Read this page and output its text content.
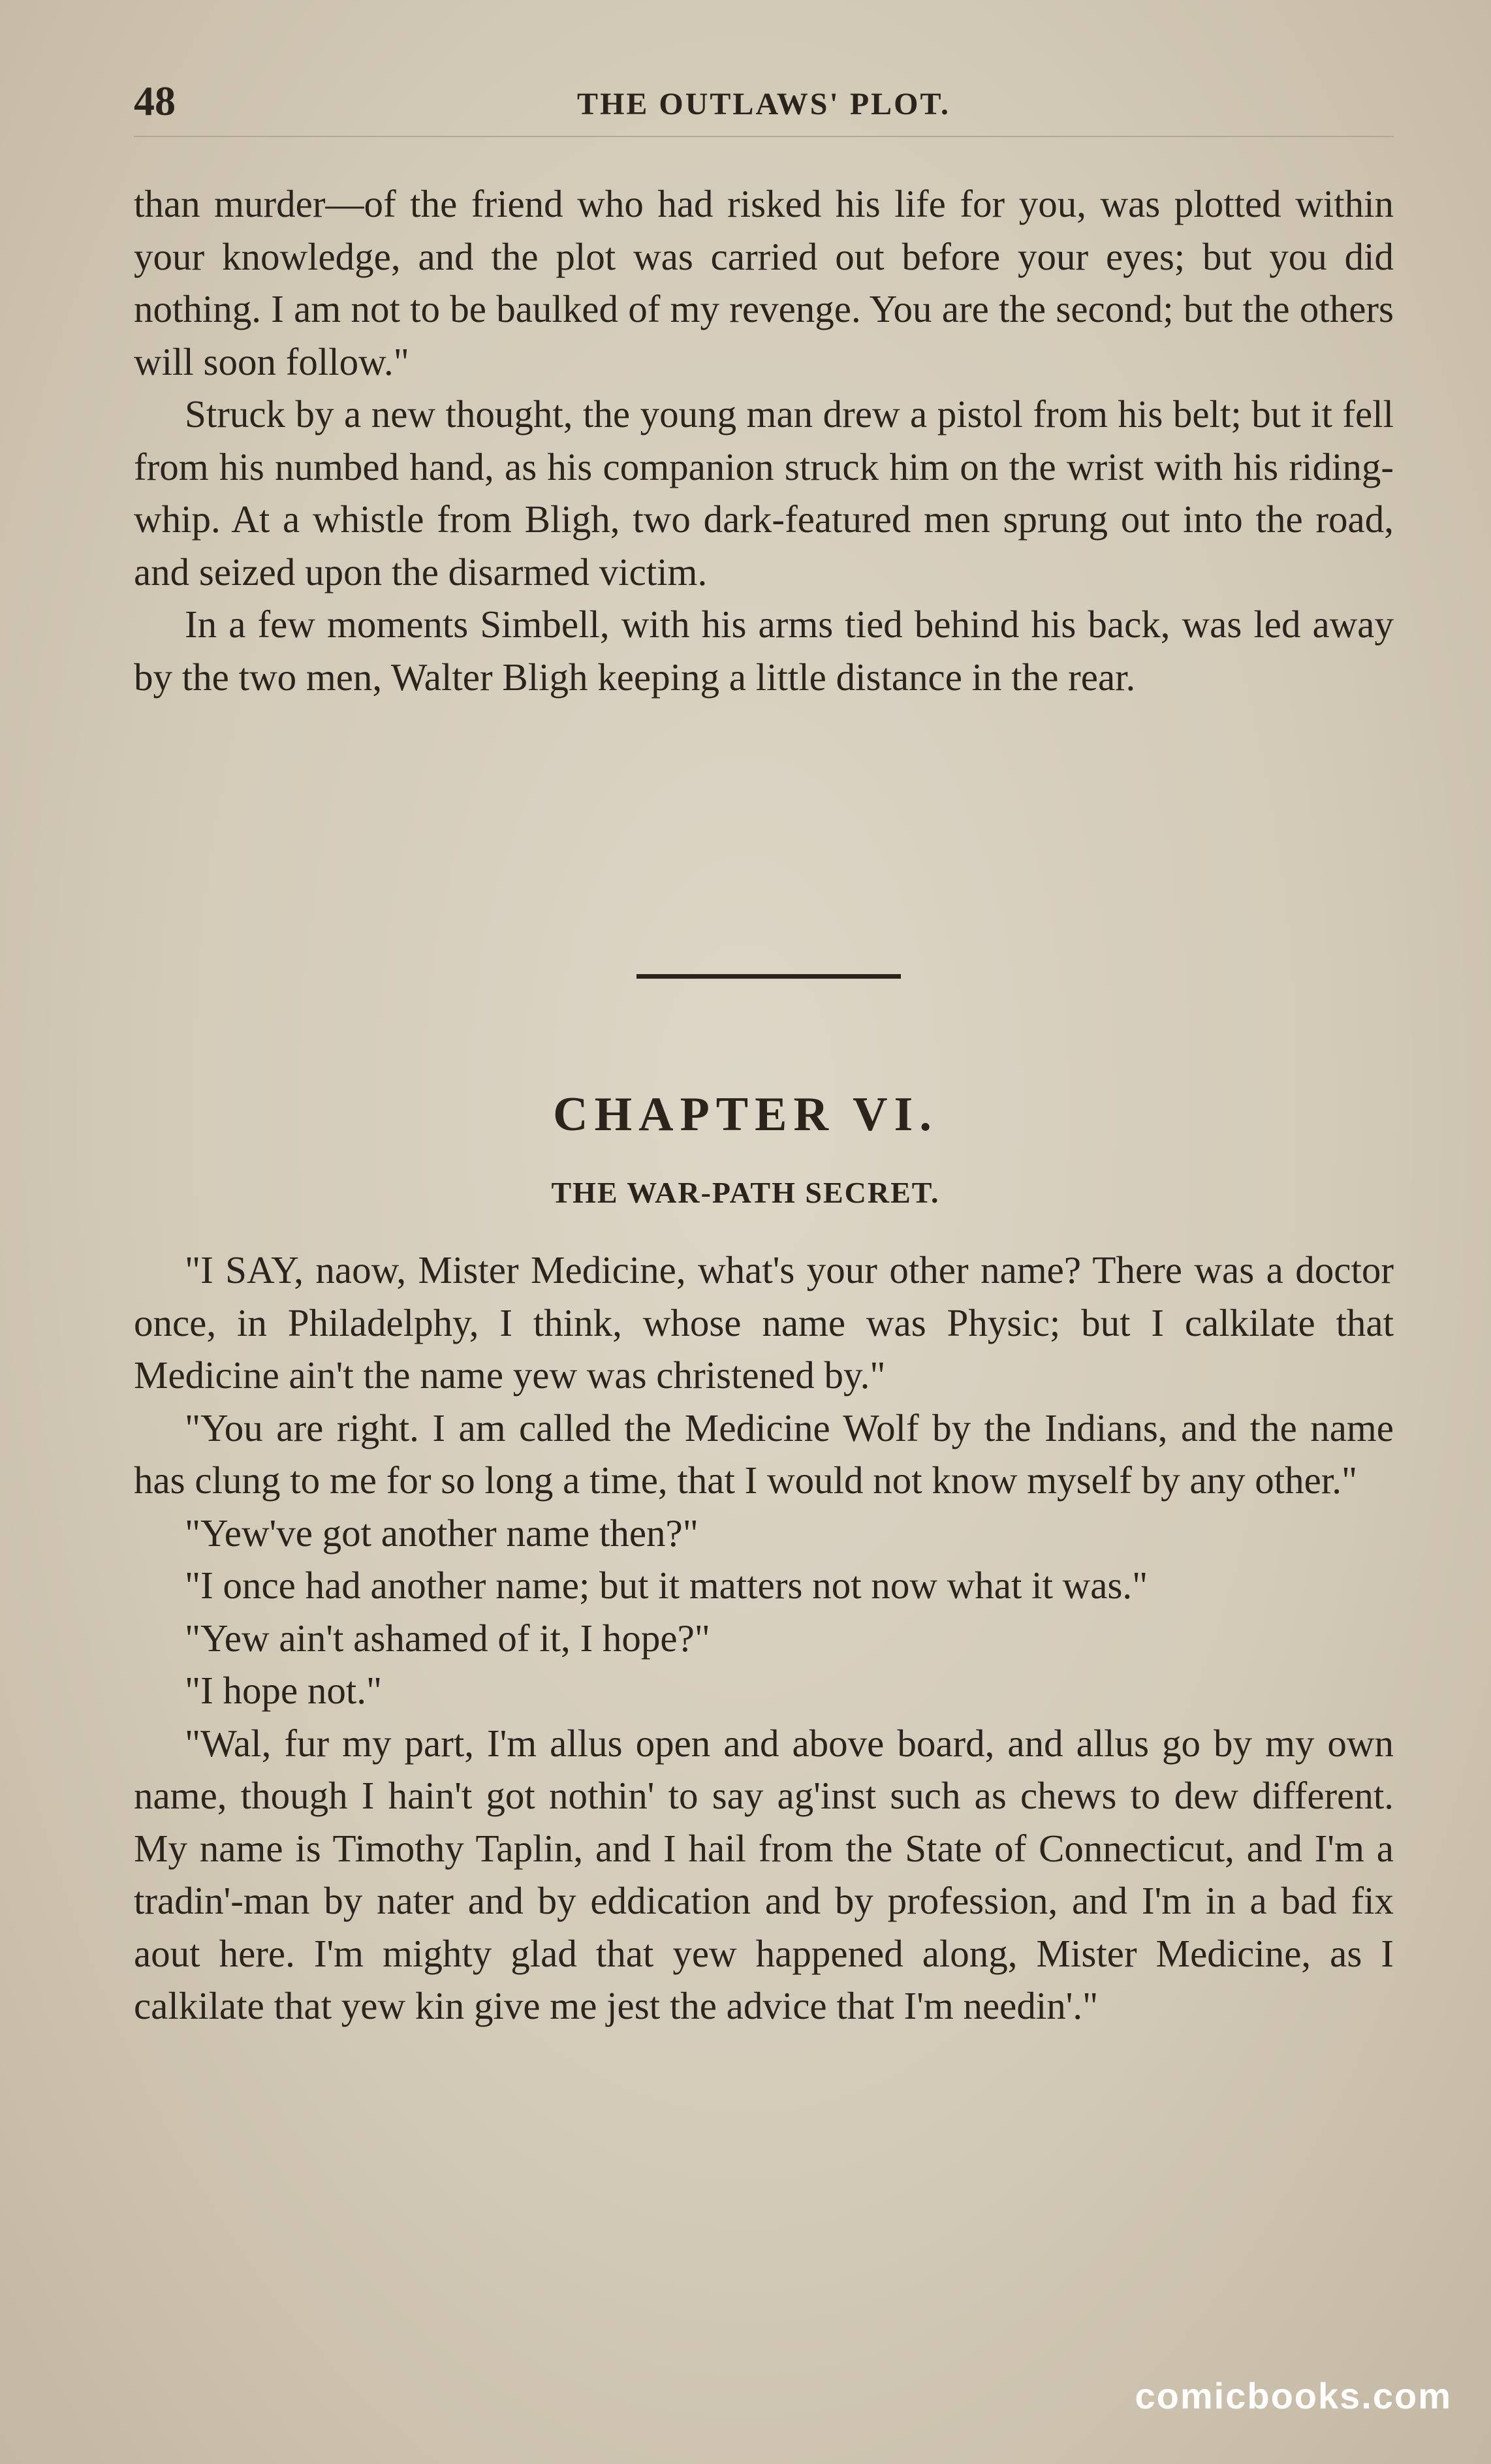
48	THE OUTLAWS' PLOT.

than murder—of the friend who had risked his life for you, was plotted within your knowledge, and the plot was carried out before your eyes; but you did nothing. I am not to be baulked of my revenge. You are the second; but the others will soon follow."

Struck by a new thought, the young man drew a pistol from his belt; but it fell from his numbed hand, as his companion struck him on the wrist with his riding-whip. At a whistle from Bligh, two dark-featured men sprung out into the road, and seized upon the disarmed victim.

In a few moments Simbell, with his arms tied behind his back, was led away by the two men, Walter Bligh keeping a little distance in the rear.

CHAPTER VI.
THE WAR-PATH SECRET.

"I SAY, naow, Mister Medicine, what's your other name? There was a doctor once, in Philadelphy, I think, whose name was Physic; but I calkilate that Medicine ain't the name yew was christened by."

"You are right. I am called the Medicine Wolf by the Indians, and the name has clung to me for so long a time, that I would not know myself by any other."

"Yew've got another name then?"

"I once had another name; but it matters not now what it was."

"Yew ain't ashamed of it, I hope?"

"I hope not."

"Wal, fur my part, I'm allus open and above board, and allus go by my own name, though I hain't got nothin' to say ag'inst such as chews to dew different. My name is Timothy Taplin, and I hail from the State of Connecticut, and I'm a tradin'-man by nater and by eddication and by profession, and I'm in a bad fix aout here. I'm mighty glad that yew happened along, Mister Medicine, as I calkilate that yew kin give me jest the advice that I'm needin'."

comicbooks.com
